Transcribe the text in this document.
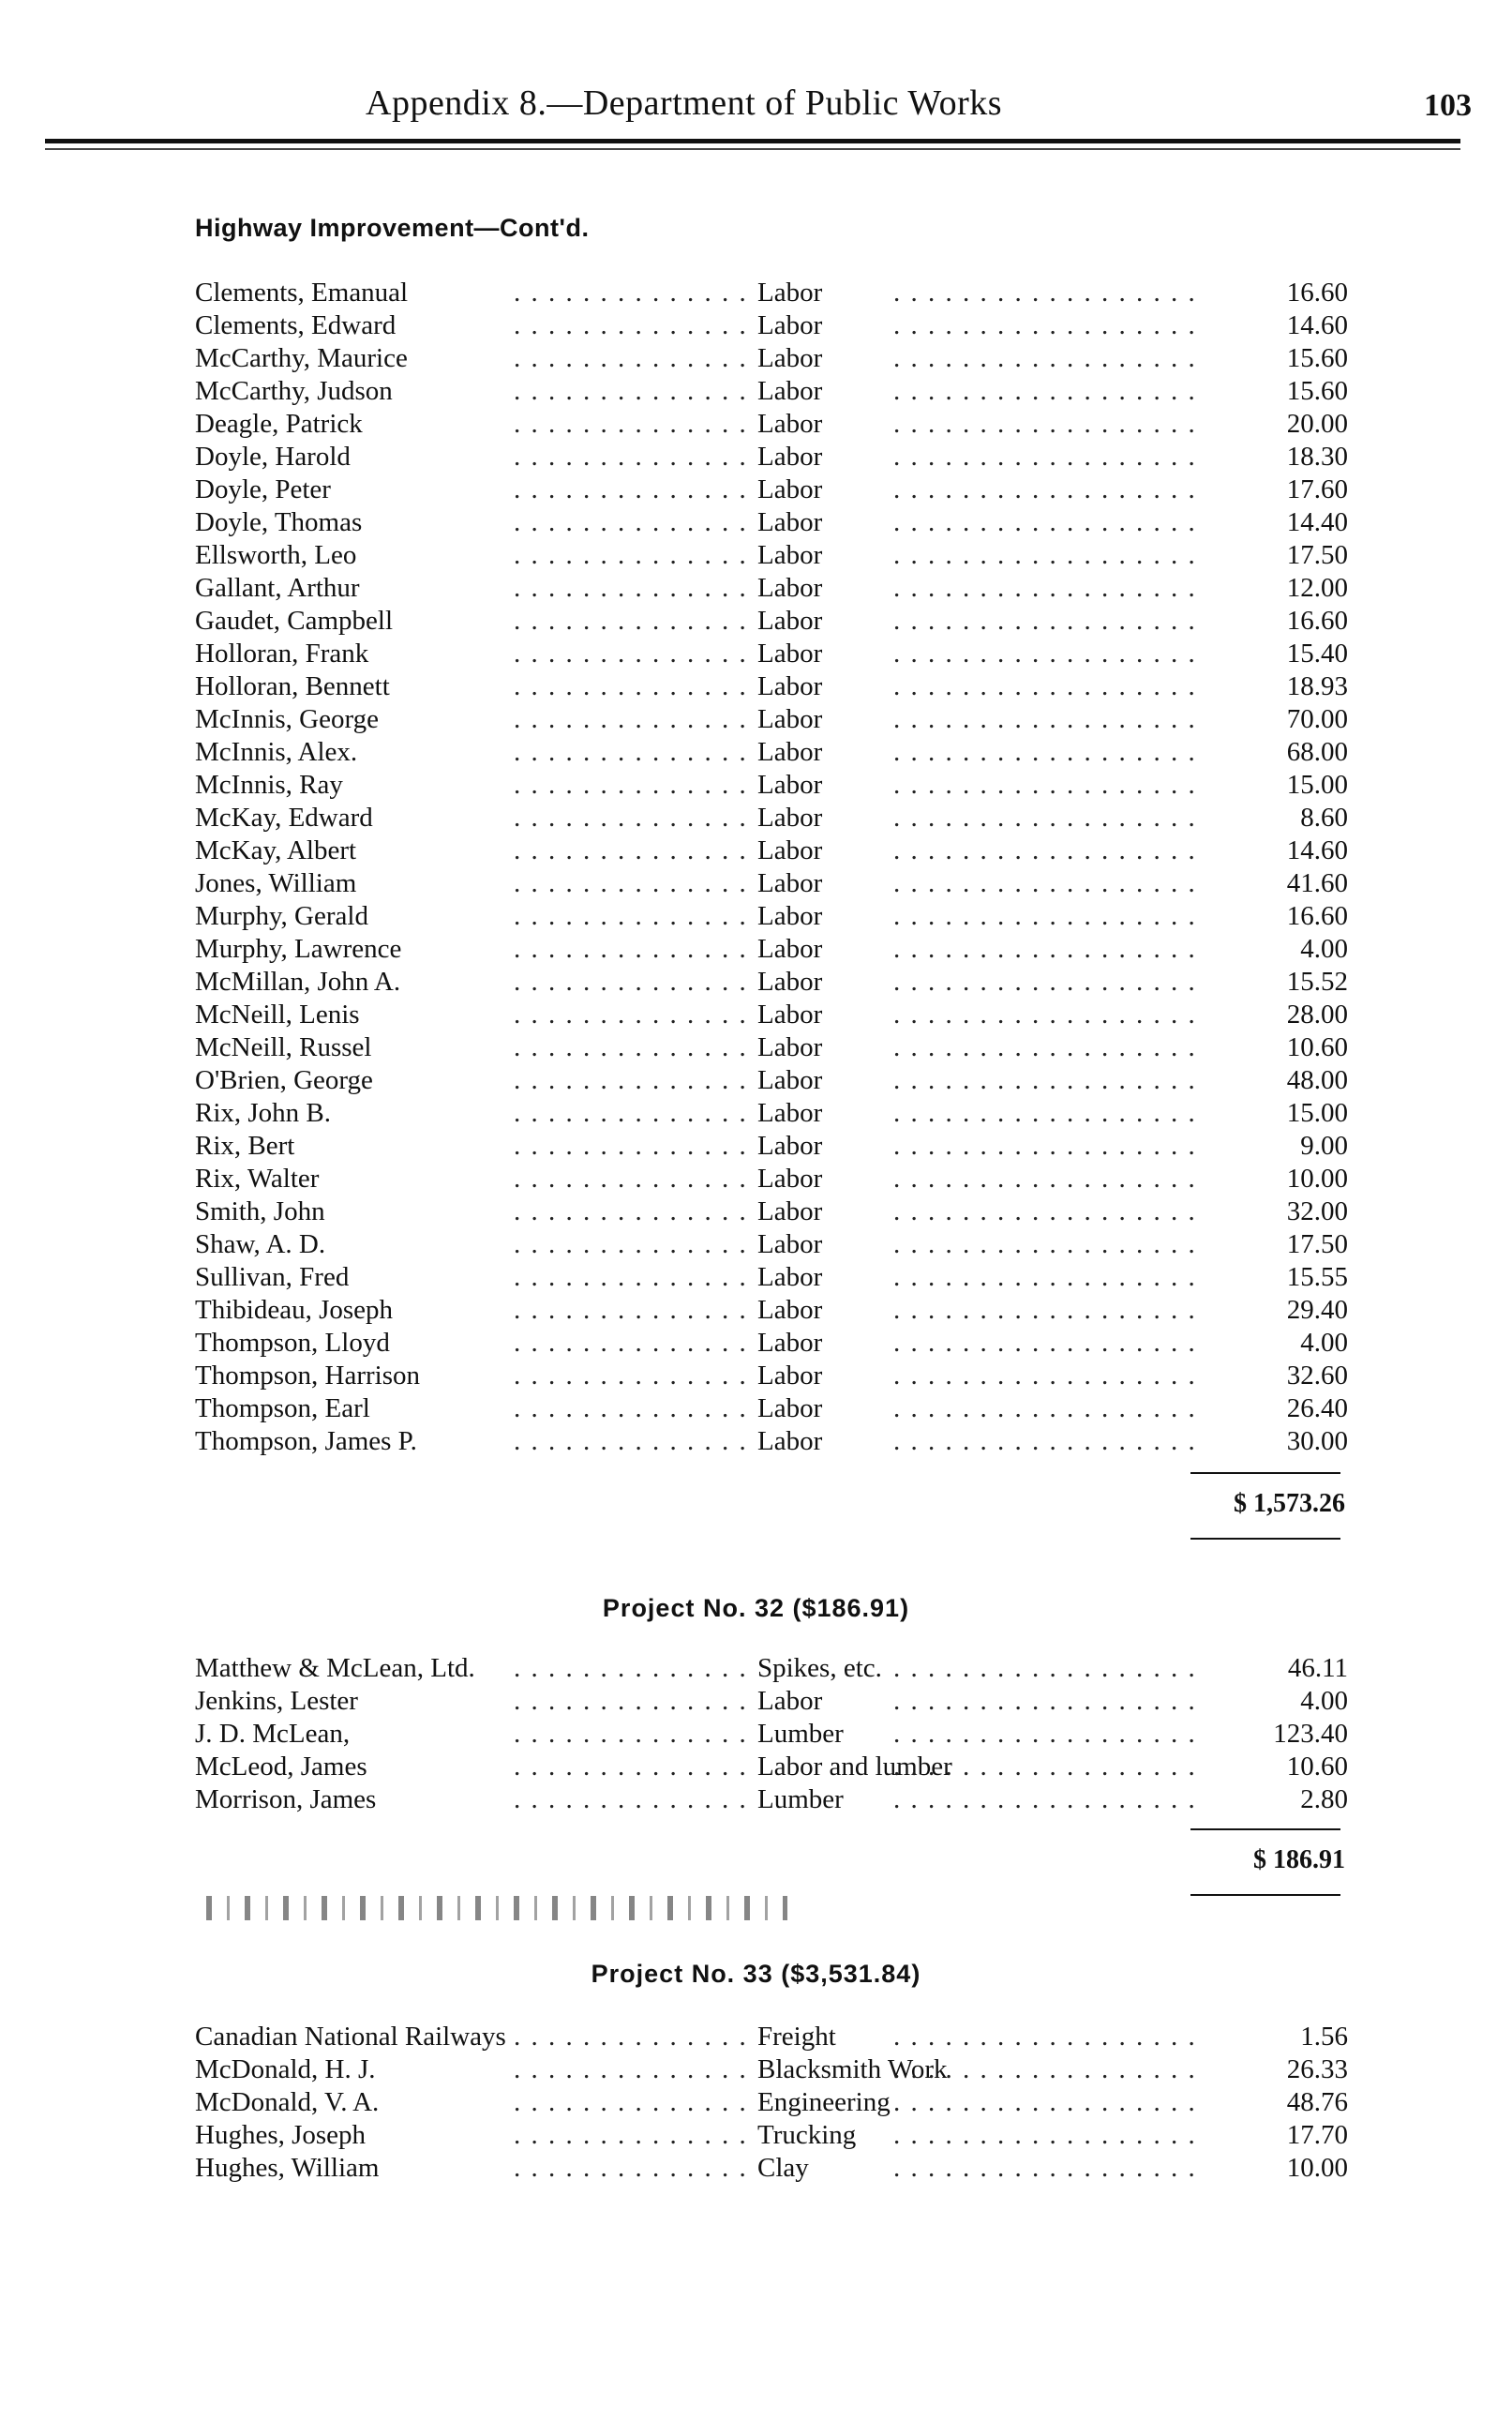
Appendix 8.—Department of Public Works	103
Highway Improvement—Cont'd.
Clements, Emanual . . .	Labor . . .	16.60
Clements, Edward . . .	Labor . . .	14.60
McCarthy, Maurice . . .	Labor . . .	15.60
McCarthy, Judson . . .	Labor . . .	15.60
Deagle, Patrick . . .	Labor . . .	20.00
Doyle, Harold . . .	Labor . . .	18.30
Doyle, Peter . . .	Labor . . .	17.60
Doyle, Thomas . . .	Labor . . .	14.40
Ellsworth, Leo . . .	Labor . . .	17.50
Gallant, Arthur . . .	Labor . . .	12.00
Gaudet, Campbell . . .	Labor . . .	16.60
Holloran, Frank . . .	Labor . . .	15.40
Holloran, Bennett . . .	Labor . . .	18.93
McInnis, George . . .	Labor . . .	70.00
McInnis, Alex. . . .	Labor . . .	68.00
McInnis, Ray . . .	Labor . . .	15.00
McKay, Edward . . .	Labor . . .	8.60
McKay, Albert . . .	Labor . . .	14.60
Jones, William . . .	Labor . . .	41.60
Murphy, Gerald . . .	Labor . . .	16.60
Murphy, Lawrence . . .	Labor . . .	4.00
McMillan, John A. . . .	Labor . . .	15.52
McNeill, Lenis . . .	Labor . . .	28.00
McNeill, Russel . . .	Labor . . .	10.60
O'Brien, George . . .	Labor . . .	48.00
Rix, John B. . . .	Labor . . .	15.00
Rix, Bert . . .	Labor . . .	9.00
Rix, Walter . . .	Labor . . .	10.00
Smith, John . . .	Labor . . .	32.00
Shaw, A. D. . . .	Labor . . .	17.50
Sullivan, Fred . . .	Labor . . .	15.55
Thibideau, Joseph . . .	Labor . . .	29.40
Thompson, Lloyd . . .	Labor . . .	4.00
Thompson, Harrison . . .	Labor . . .	32.60
Thompson, Earl . . .	Labor . . .	26.40
Thompson, James P. . . .	Labor . . .	30.00
$ 1,573.26
Project No. 32 ($186.91)
Matthew & McLean, Ltd. . . .	Spikes, etc. . . .	46.11
Jenkins, Lester . . .	Labor . . .	4.00
J. D. McLean, . . .	Lumber . . .	123.40
McLeod, James . . .	Labor and lumber . . .	10.60
Morrison, James . . .	Lumber . . .	2.80
$ 186.91
Project No. 33 ($3,531.84)
Canadian National Railways . . .	Freight . . .	1.56
McDonald, H. J. . . .	Blacksmith Work . . .	26.33
McDonald, V. A. . . .	Engineering . . .	48.76
Hughes, Joseph . . .	Trucking . . .	17.70
Hughes, William . . .	Clay . . .	10.00
